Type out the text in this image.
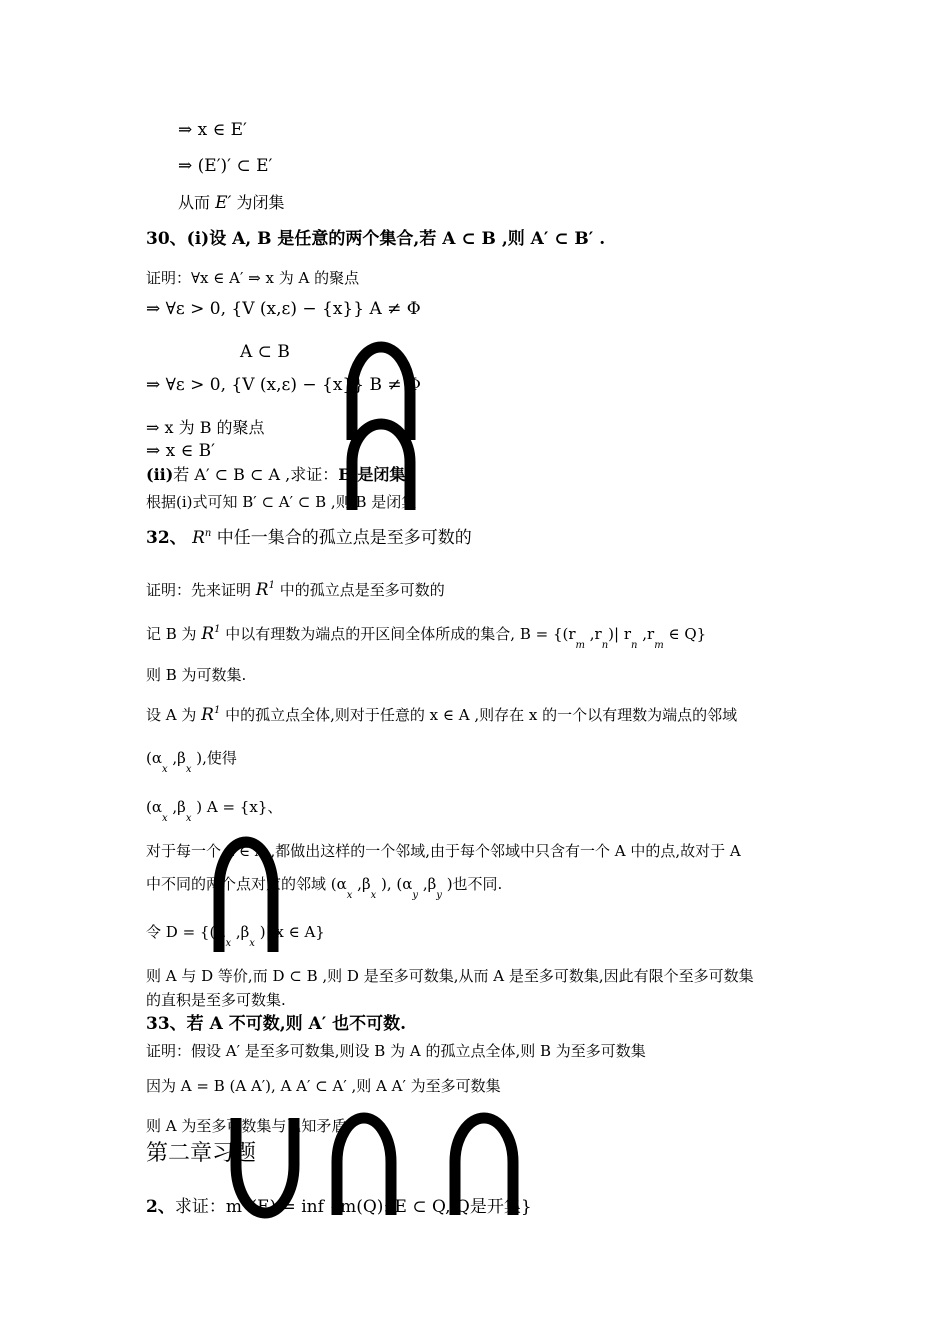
⇒ x ∈ E′
⇒ (E′)′ ⊂ E′
从而 E′ 为闭集
30、(i)设 A, B 是任意的两个集合,若 A ⊂ B ,则 A′ ⊂ B′ .
证明：∀x ∈ A′ ⇒ x 为 A 的聚点
⇒ ∀ε > 0, {V (x,ε) − {x}} A ≠ Φ
A ⊂ B
⇒ ∀ε > 0, {V (x,ε) − {x}} B ≠ Φ
⇒ x 为 B 的聚点
⇒ x ∈ B′
(ii)若 A′ ⊂ B ⊂ A ,求证：B 是闭集.
根据(i)式可知 B′ ⊂ A′ ⊂ B ,则 B 是闭集
32、 $R^n$ 中任一集合的孤立点是至多可数的
证明：先来证明 $R^1$ 中的孤立点是至多可数的
记 B 为 $R^1$ 中以有理数为端点的开区间全体所成的集合, $B = \{(r_m$ $,r_n)|$ $r_n$ $,r_m$ ∈ Q}
则 B 为可数集.
设 A 为 $R^1$ 中的孤立点全体,则对于任意的 x ∈ A ,则存在 x 的一个以有理数为端点的邻域
($\alpha_x$ $,\beta_x$ ),使得
($\alpha_x$ $,\beta_x$ ) A = {x}、
对于每一个 x ∈ A ,都做出这样的一个邻域,由于每个邻域中只含有一个 A 中的点,故对于 A
中不同的两个点对应的邻域 ($\alpha_x$ $,\beta_x$ ), ($\alpha_y$ $,\beta_y$ )也不同.
令 $D = \{(\alpha_x$ $,\beta_x$ )| x ∈ A}
则 A 与 D 等价,而 D ⊂ B ,则 D 是至多可数集,从而 A 是至多可数集,因此有限个至多可数集
的直积是至多可数集.
33、若 A 不可数,则 A′ 也不可数.
证明：假设 A′ 是至多可数集,则设 B 为 A 的孤立点全体,则 B 为至多可数集
因为 A = B (A A′), A A′ ⊂ A′ ,则 A A′ 为至多可数集
则 A 为至多可数集与已知矛盾.
第二章习题
2、求证：m*(E) = inf {m(Q): E ⊂ Q, Q是开集}
